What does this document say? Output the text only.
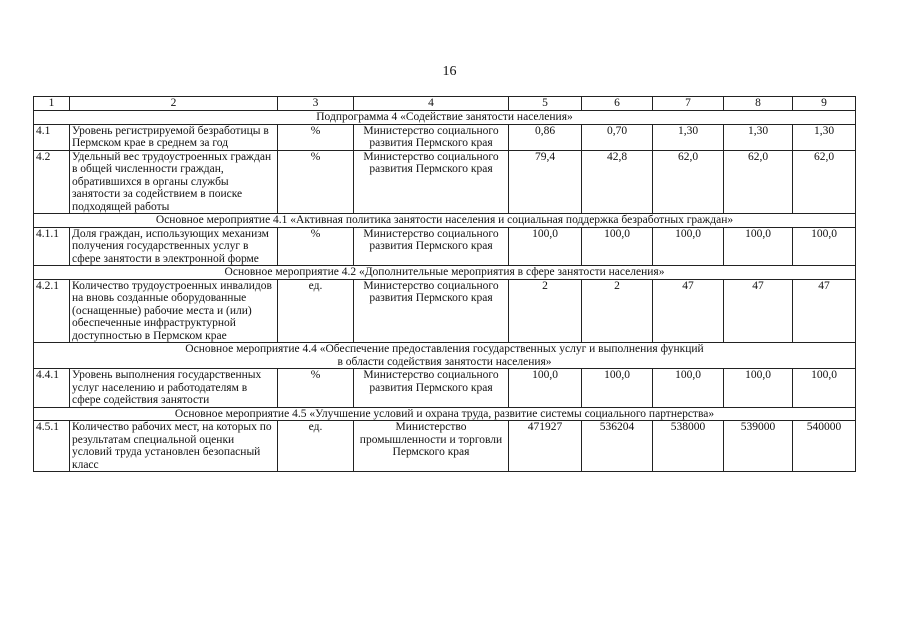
16
1	2	3	4	5	6	7	8	9

Подпрограмма 4 «Содействие занятости населения»								

4.1	Уровень регистрируемой безработицы в Пермском крае в среднем за год	%	Министерство социального развития Пермского края	0,86	0,70	1,30	1,30	1,30
4.2	Удельный вес трудоустроенных граждан в общей численности граждан, обратившихся в органы службы занятости за содействием в поиске подходящей работы	%	Министерство социального развития Пермского края	79,4	42,8	62,0	62,0	62,0

Основное мероприятие 4.1 «Активная политика занятости населения и социальная поддержка безработных граждан»								

4.1.1	Доля граждан, использующих механизм получения государственных услуг в сфере занятости в электронной форме	%	Министерство социального развития Пермского края	100,0	100,0	100,0	100,0	100,0

Основное мероприятие 4.2 «Дополнительные мероприятия в сфере занятости населения»								

4.2.1	Количество трудоустроенных инвалидов на вновь созданные оборудованные (оснащенные) рабочие места и (или) обеспеченные инфраструктурной доступностью в Пермском крае	ед.	Министерство социального развития Пермского края	2	2	47	47	47

Основное мероприятие 4.4 «Обеспечение предоставления государственных услуг и выполнения функций
в области содействия занятости населения»								

4.4.1	Уровень выполнения государственных услуг населению и работодателям в сфере содействия занятости	%	Министерство социального развития Пермского края	100,0	100,0	100,0	100,0	100,0

Основное мероприятие 4.5 «Улучшение условий и охрана труда, развитие системы социального партнерства»								

4.5.1	Количество рабочих мест, на которых по результатам специальной оценки условий труда установлен безопасный класс	ед.	Министерство промышленности и торговли Пермского края	471927	536204	538000	539000	540000
